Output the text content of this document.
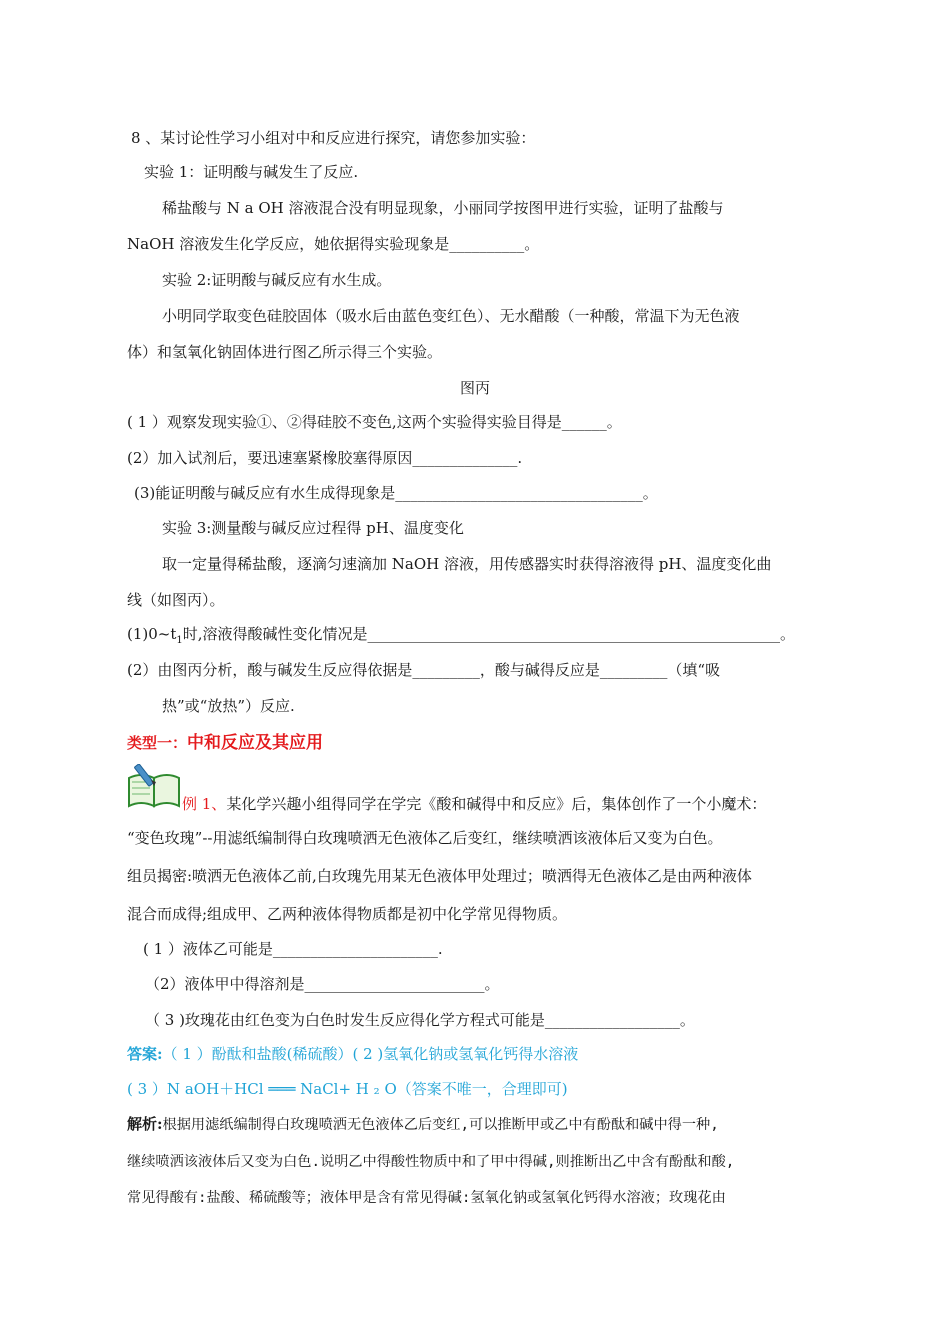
8 、某讨论性学习小组对中和反应进行探究，请您参加实验：
实验 1：证明酸与碱发生了反应.
稀盐酸与 N a OH 溶液混合没有明显现象，小丽同学按图甲进行实验，证明了盐酸与
NaOH 溶液发生化学反应，她依据得实验现象是__________。
实验 2:证明酸与碱反应有水生成。
小明同学取变色硅胶固体（吸水后由蓝色变红色）、无水醋酸（一种酸，常温下为无色液
体）和氢氧化钠固体进行图乙所示得三个实验。
图丙
( 1 ）观察发现实验①、②得硅胶不变色,这两个实验得实验目得是______。
(2）加入试剂后，要迅速塞紧橡胶塞得原因______________.
(3)能证明酸与碱反应有水生成得现象是_________________________________。
实验 3:测量酸与碱反应过程得 pH、温度变化
取一定量得稀盐酸，逐滴匀速滴加 NaOH 溶液，用传感器实时获得溶液得 pH、温度变化曲
线（如图丙）。
$(1)0\sim t_1$时,溶液得酸碱性变化情况是_______________________________________________________。
(2）由图丙分析，酸与碱发生反应得依据是_________，酸与碱得反应是_________（填“吸
热”或“放热”）反应.
类型一：中和反应及其应用
例 1、某化学兴趣小组得同学在学完《酸和碱得中和反应》后，集体创作了一个小魔术：
“变色玫瑰”--用滤纸编制得白玫瑰喷洒无色液体乙后变红，继续喷洒该液体后又变为白色。
组员揭密:喷洒无色液体乙前,白玫瑰先用某无色液体甲处理过；喷洒得无色液体乙是由两种液体
混合而成得;组成甲、乙两种液体得物质都是初中化学常见得物质。
( 1 ）液体乙可能是______________________.
（2）液体甲中得溶剂是________________________。
（ 3 )玫瑰花由红色变为白色时发生反应得化学方程式可能是__________________。
答案:（ 1 ）酚酞和盐酸(稀硫酸）( 2 )氢氧化钠或氢氧化钙得水溶液
( 3 ）N aOH＋HCl ═══ NaCl+ H ₂ O（答案不唯一，合理即可)
解析:根据用滤纸编制得白玫瑰喷洒无色液体乙后变红,可以推断甲或乙中有酚酞和碱中得一种,
继续喷洒该液体后又变为白色.说明乙中得酸性物质中和了甲中得碱,则推断出乙中含有酚酞和酸,
常见得酸有:盐酸、稀硫酸等；液体甲是含有常见得碱:氢氧化钠或氢氧化钙得水溶液；玫瑰花由
